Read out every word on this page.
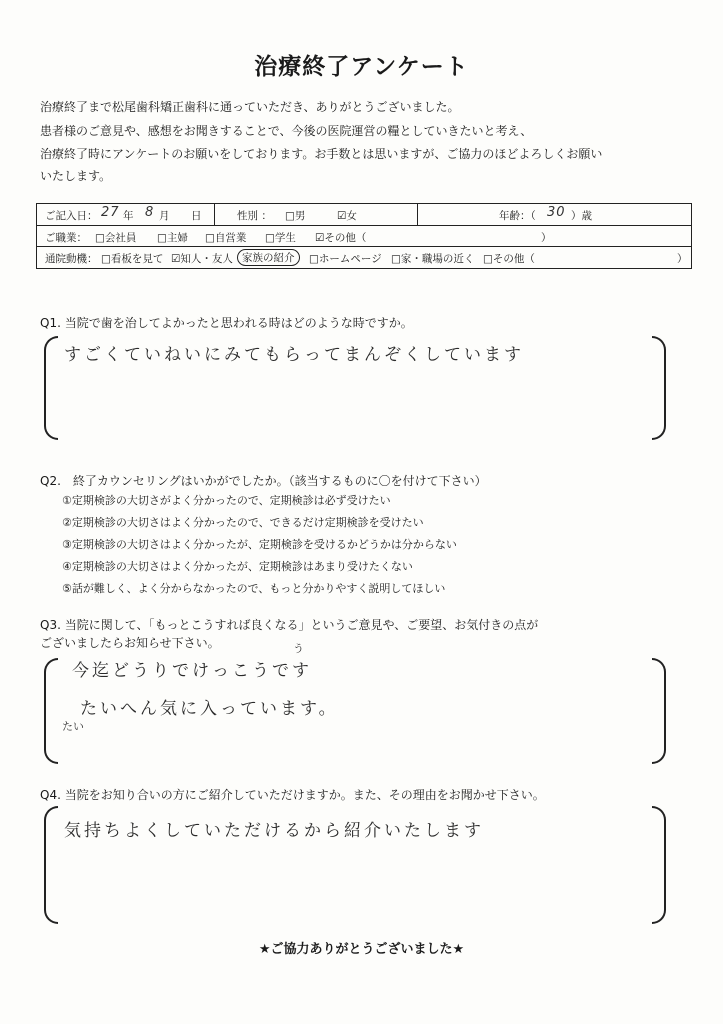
治療終了アンケート
治療終了まで松尾歯科矯正歯科に通っていただき、ありがとうございました。
患者様のご意見や、感想をお聞きすることで、今後の医院運営の糧としていきたいと考え、
治療終了時にアンケートのお願いをしております。お手数とは思いますが、ご協力のほどよろしくお願い
いたします。
ご記入日： 27 年 8 月 日	性別 ： □男	☑女	年齢：（ 30 ）歳
ご職業： □会社員 □主婦 □自営業 □学生 ☑その他（	）
通院動機： □看板を見て ☑知人・友人 家族の紹介	□ホームページ □家・職場の近く □その他（	）
Q1. 当院で歯を治してよかったと思われる時はどのような時ですか。
すごくていねいにみてもらってまんぞくしています
Q2.　終了カウンセリングはいかがでしたか。（該当するものに〇を付けて下さい）
①定期検診の大切さがよく分かったので、定期検診は必ず受けたい
②定期検診の大切さはよく分かったので、できるだけ定期検診を受けたい
③定期検診の大切さはよく分かったが、定期検診を受けるかどうかは分からない
④定期検診の大切さはよく分かったが、定期検診はあまり受けたくない
⑤話が難しく、よく分からなかったので、もっと分かりやすく説明してほしい
Q3. 当院に関して、「もっとこうすれば良くなる」というご意見や、ご要望、お気付きの点が
ございましたらお知らせ下さい。	う
今迄どうりでけっこうです
たいへん気に入っています。
たい
Q4. 当院をお知り合いの方にご紹介していただけますか。また、その理由をお聞かせ下さい。
気持ちよくしていただけるから紹介いたします
★ご協力ありがとうございました★
